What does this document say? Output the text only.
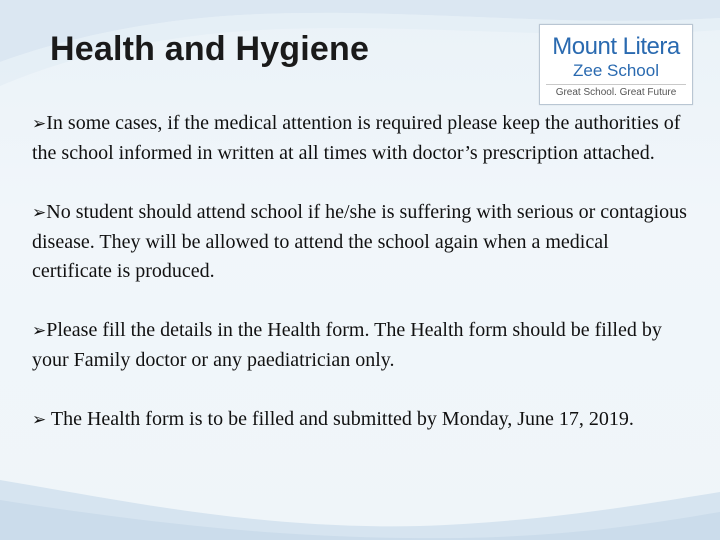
Health and Hygiene	Mount Litera
Zee School
Great School. Great Future

➢In some cases, if the medical attention is required please keep the authorities of the school informed in written at all times with doctor’s prescription attached.

➢No student should attend school if he/she is suffering with serious or contagious disease. They will be allowed to attend the school again when a medical certificate is produced.

➢Please fill the details in the Health form. The Health form should be filled by your Family doctor or any paediatrician only.

➢ The Health form is to be filled and submitted by Monday, June 17, 2019.
